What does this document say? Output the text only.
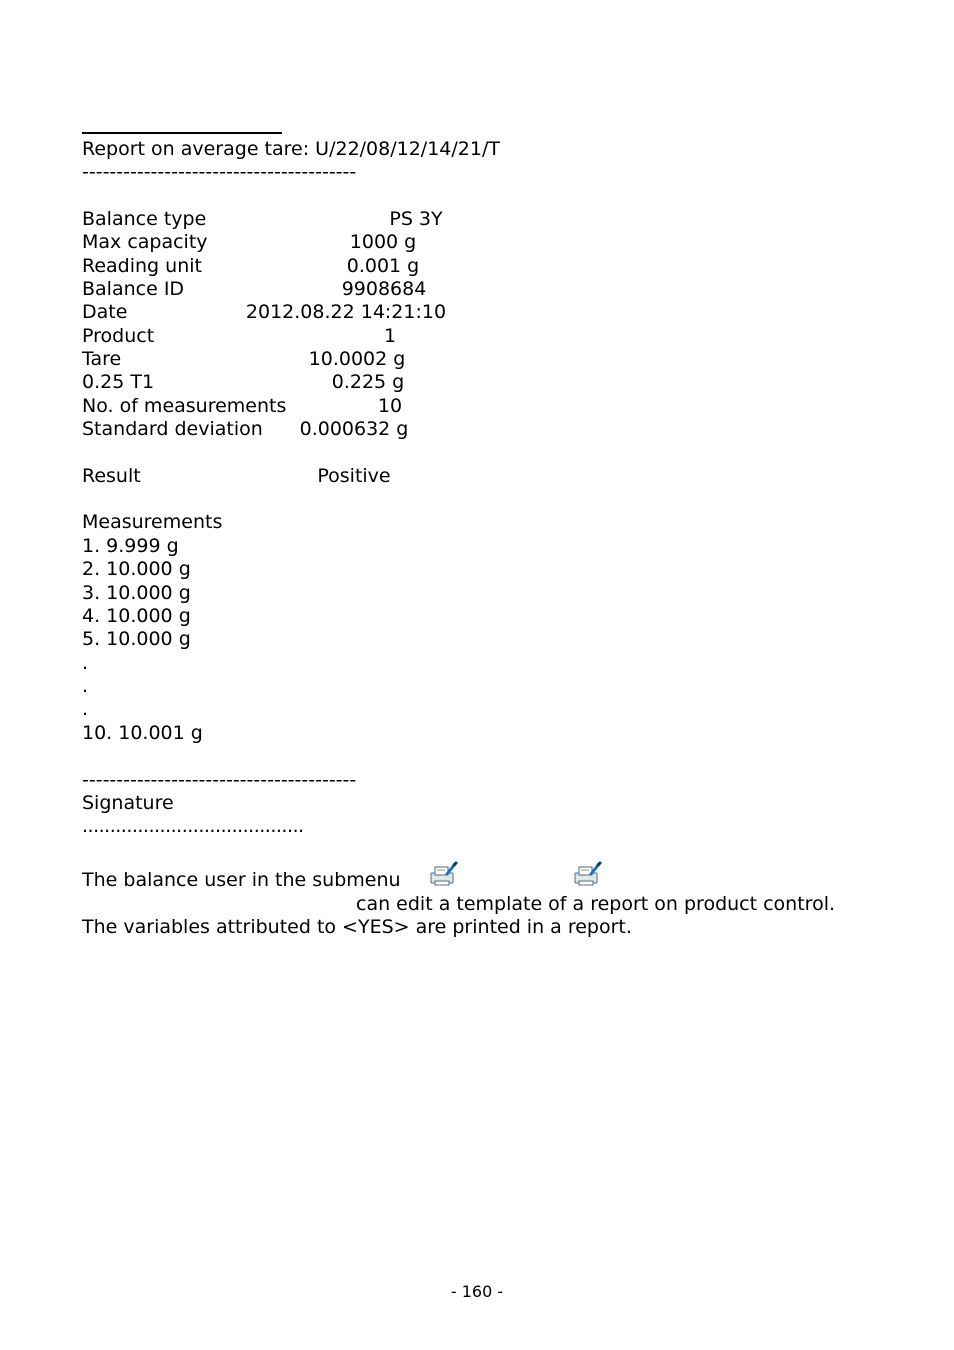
Report on average tare: U/22/08/12/14/21/T
----------------------------------------
Balance type	PS 3Y
Max capacity	1000 g
Reading unit	0.001 g
Balance ID	9908684
Date	2012.08.22 14:21:10
Product	1
Tare	10.0002 g
0.25 T1	0.225 g
No. of measurements	10
Standard deviation	0.000632 g
Result	Positive
Measurements
1. 9.999 g
2. 10.000 g
3. 10.000 g
4. 10.000 g
5. 10.000 g
.
.
.
10. 10.001 g
----------------------------------------
Signature
........................................
The balance user in the submenu
can edit a template of a report on product control.
The variables attributed to <YES> are printed in a report.
- 160 -
